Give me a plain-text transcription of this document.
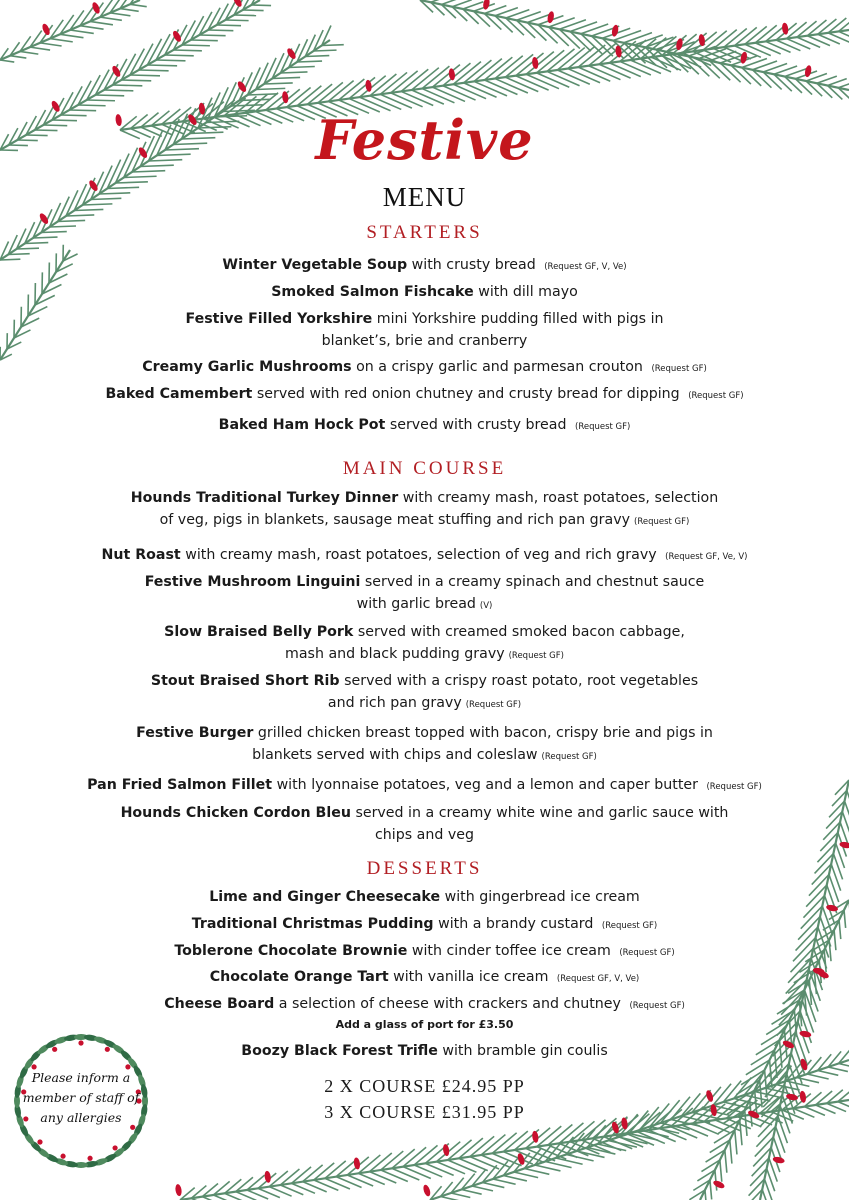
Festive
MENU
STARTERS
Winter Vegetable Soup with crusty bread (Request GF, V, Ve)
Smoked Salmon Fishcake with dill mayo
Festive Filled Yorkshire mini Yorkshire pudding filled with pigs in
blanket’s, brie and cranberry
Creamy Garlic Mushrooms on a crispy garlic and parmesan crouton (Request GF)
Baked Camembert served with red onion chutney and crusty bread for dipping (Request GF)
Baked Ham Hock Pot served with crusty bread (Request GF)
MAIN COURSE
Hounds Traditional Turkey Dinner with creamy mash, roast potatoes, selection
of veg, pigs in blankets, sausage meat stuffing and rich pan gravy (Request GF)
Nut Roast with creamy mash, roast potatoes, selection of veg and rich gravy (Request GF, Ve, V)
Festive Mushroom Linguini served in a creamy spinach and chestnut sauce
with garlic bread (V)
Slow Braised Belly Pork served with creamed smoked bacon cabbage,
mash and black pudding gravy (Request GF)
Stout Braised Short Rib served with a crispy roast potato, root vegetables
and rich pan gravy (Request GF)
Festive Burger grilled chicken breast topped with bacon, crispy brie and pigs in
blankets served with chips and coleslaw (Request GF)
Pan Fried Salmon Fillet with lyonnaise potatoes, veg and a lemon and caper butter (Request GF)
Hounds Chicken Cordon Bleu served in a creamy white wine and garlic sauce with
chips and veg
DESSERTS
Lime and Ginger Cheesecake with gingerbread ice cream
Traditional Christmas Pudding with a brandy custard (Request GF)
Toblerone Chocolate Brownie with cinder toffee ice cream (Request GF)
Chocolate Orange Tart with vanilla ice cream (Request GF, V, Ve)
Cheese Board a selection of cheese with crackers and chutney (Request GF)
Add a glass of port for £3.50
Boozy Black Forest Trifle with bramble gin coulis
2 X COURSE £24.95 PP
3 X COURSE £31.95 PP
Please inform a
member of staff of
any allergies
